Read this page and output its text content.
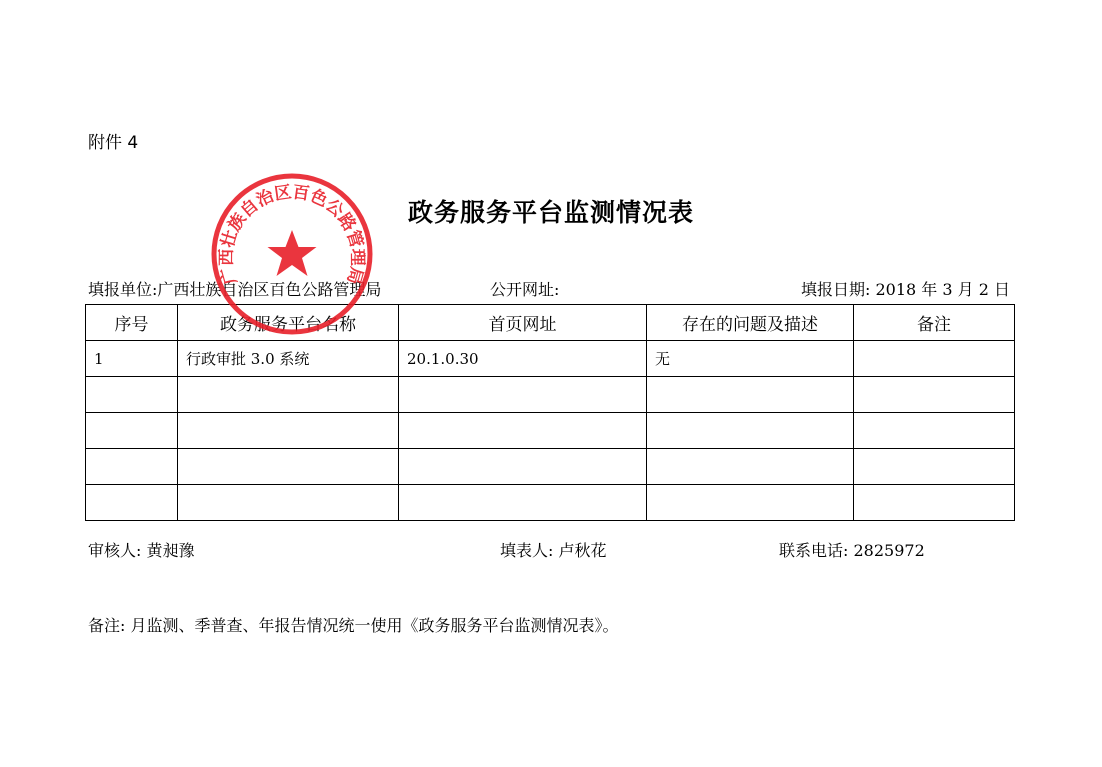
附件 4
政务服务平台监测情况表
填报单位:广西壮族自治区百色公路管理局	公开网址:	填报日期: 2018 年 3 月 2 日
序号	政务服务平台名称	首页网址	存在的问题及描述	备注
1	行政审批 3.0 系统	20.1.0.30	无	

审核人: 黄昶豫	填表人: 卢秋花	联系电话: 2825972
备注: 月监测、季普查、年报告情况统一使用《政务服务平台监测情况表》。
广西壮族自治区百色公路管理局
